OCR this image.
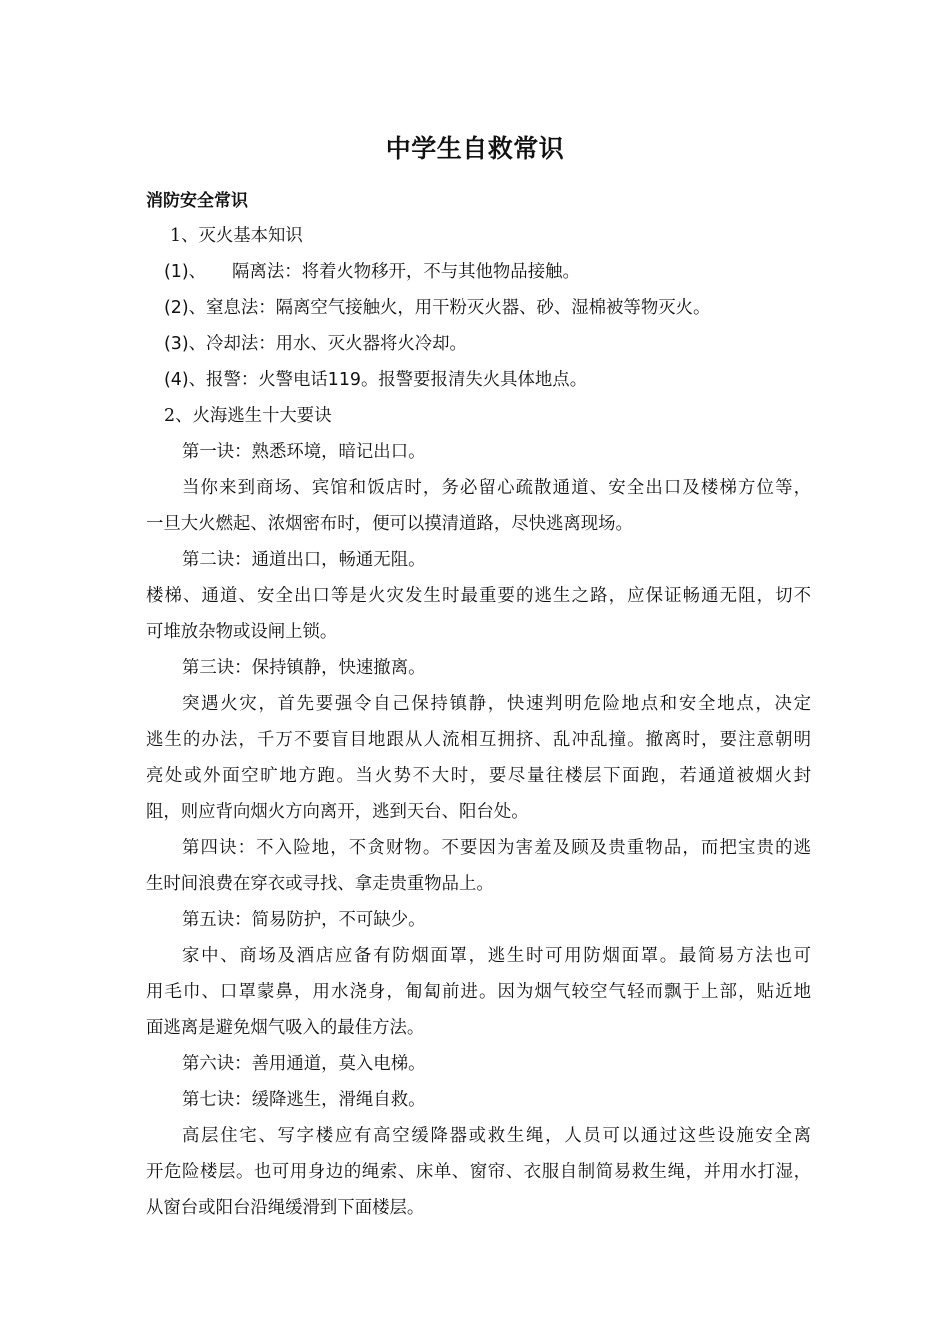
中学生自救常识
消防安全常识
1、灭火基本知识
(1)、 隔离法：将着火物移开，不与其他物品接触。
(2)、窒息法：隔离空气接触火，用干粉灭火器、砂、湿棉被等物灭火。
(3)、冷却法：用水、灭火器将火冷却。
(4)、报警：火警电话119。报警要报清失火具体地点。
2、火海逃生十大要诀
第一诀：熟悉环境，暗记出口。
当你来到商场、宾馆和饭店时，务必留心疏散通道、安全出口及楼梯方位等，
一旦大火燃起、浓烟密布时，便可以摸清道路，尽快逃离现场。
第二诀：通道出口，畅通无阻。
楼梯、通道、安全出口等是火灾发生时最重要的逃生之路，应保证畅通无阻，切不
可堆放杂物或设闸上锁。
第三诀：保持镇静，快速撤离。
突遇火灾，首先要强令自己保持镇静，快速判明危险地点和安全地点，决定
逃生的办法，千万不要盲目地跟从人流相互拥挤、乱冲乱撞。撤离时，要注意朝明
亮处或外面空旷地方跑。当火势不大时，要尽量往楼层下面跑，若通道被烟火封
阻，则应背向烟火方向离开，逃到天台、阳台处。
第四诀：不入险地，不贪财物。不要因为害羞及顾及贵重物品，而把宝贵的逃
生时间浪费在穿衣或寻找、拿走贵重物品上。
第五诀：简易防护，不可缺少。
家中、商场及酒店应备有防烟面罩，逃生时可用防烟面罩。最简易方法也可
用毛巾、口罩蒙鼻，用水浇身，匍匐前进。因为烟气较空气轻而飘于上部，贴近地
面逃离是避免烟气吸入的最佳方法。
第六诀：善用通道，莫入电梯。
第七诀：缓降逃生，滑绳自救。
高层住宅、写字楼应有高空缓降器或救生绳，人员可以通过这些设施安全离
开危险楼层。也可用身边的绳索、床单、窗帘、衣服自制简易救生绳，并用水打湿，
从窗台或阳台沿绳缓滑到下面楼层。
